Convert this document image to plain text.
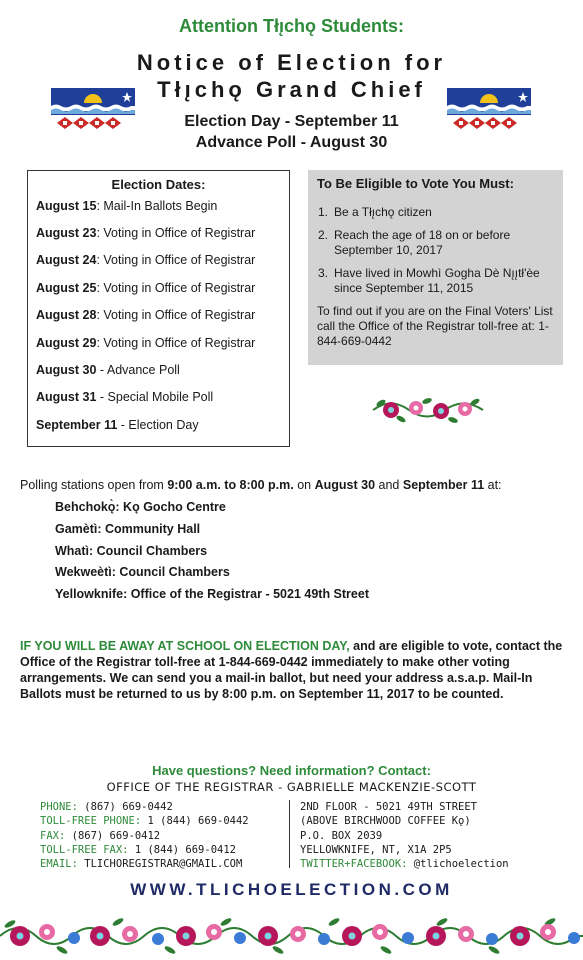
Attention Tłı̨chǫ Students:
Notice of Election for
Tłı̨chǫ Grand Chief
Election Day - September 11
Advance Poll - August 30
Election Dates:
August 15: Mail-In Ballots Begin
August 23: Voting in Office of Registrar
August 24: Voting in Office of Registrar
August 25: Voting in Office of Registrar
August 28: Voting in Office of Registrar
August 29: Voting in Office of Registrar
August 30 - Advance Poll
August 31 - Special Mobile Poll
September 11 - Election Day
To Be Eligible to Vote You Must:
1. Be a Tłı̨chǫ citizen
2. Reach the age of 18 on or before September 10, 2017
3. Have lived in Mowhì Gogha Dè Nı̨ı̨tł'èe since September 11, 2015
To find out if you are on the Final Voters' List call the Office of the Registrar toll-free at: 1-844-669-0442
Polling stations open from 9:00 a.m. to 8:00 p.m. on August 30 and September 11 at:
Behchokǫ̀: Kǫ Gocho Centre
Gamètì: Community Hall
Whatì: Council Chambers
Wekweètì: Council Chambers
Yellowknife: Office of the Registrar - 5021 49th Street
IF YOU WILL BE AWAY AT SCHOOL ON ELECTION DAY, and are eligible to vote, contact the Office of the Registrar toll-free at 1-844-669-0442 immediately to make other voting arrangements. We can send you a mail-in ballot, but need your address a.s.a.p. Mail-In Ballots must be returned to us by 8:00 p.m. on September 11, 2017 to be counted.
Have questions? Need information? Contact:
OFFICE OF THE REGISTRAR - GABRIELLE MACKENZIE-SCOTT
PHONE: (867) 669-0442
TOLL-FREE PHONE: 1 (844) 669-0442
FAX: (867) 669-0412
TOLL-FREE FAX: 1 (844) 669-0412
EMAIL: TLICHOREGISTRAR@GMAIL.COM
2ND FLOOR - 5021 49TH STREET
(ABOVE BIRCHWOOD COFFEE Kǫ)
P.O. BOX 2039
YELLOWKNIFE, NT, X1A 2P5
TWITTER+FACEBOOK: @tlichoelection
WWW.TLICHOELECTION.COM
